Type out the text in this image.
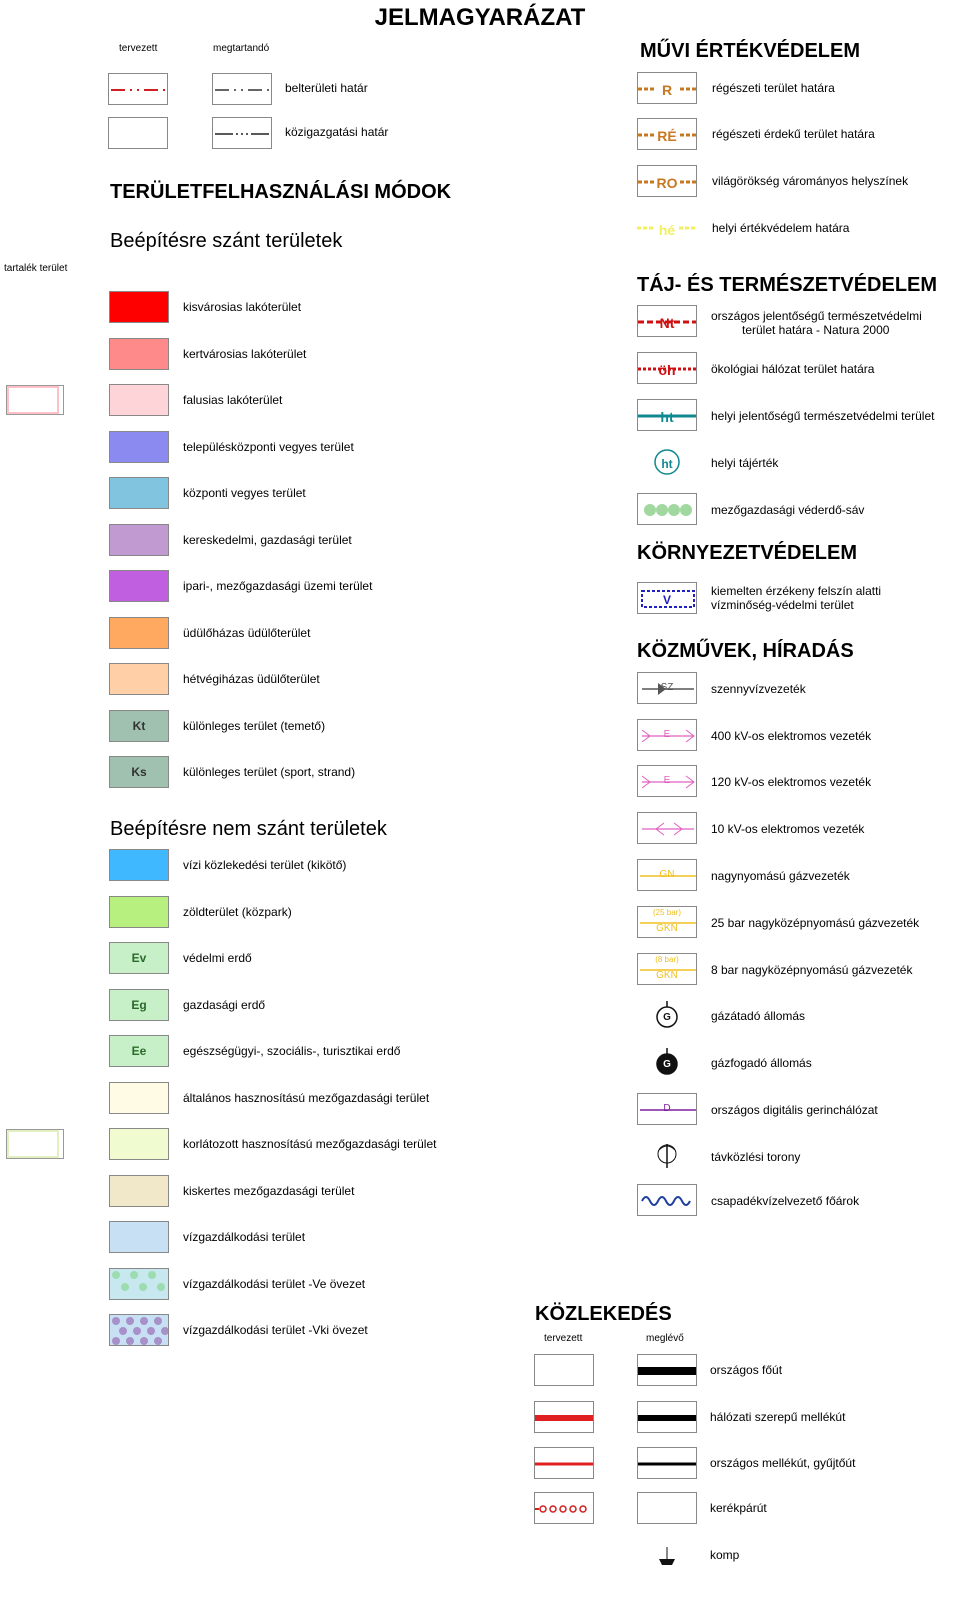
JELMAGYARÁZAT
tervezett	megtartandó
belterületi határ
közigazgatási határ
TERÜLETFELHASZNÁLÁSI MÓDOK
Beépítésre szánt területek
tartalék terület
kisvárosias lakóterület
kertvárosias lakóterület
falusias lakóterület
településközponti vegyes terület
központi vegyes terület
kereskedelmi, gazdasági terület
ipari-, mezőgazdasági üzemi terület
üdülőházas üdülőterület
hétvégiházas üdülőterület
Kt	különleges terület (temető)
Ks	különleges terület (sport, strand)
Beépítésre nem szánt területek
vízi közlekedési terület (kikötő)
zöldterület (közpark)
Ev	védelmi erdő
Eg	gazdasági erdő
Ee	egészségügyi-, szociális-, turisztikai erdő
általános hasznosítású mezőgazdasági terület
korlátozott hasznosítású mezőgazdasági terület
kiskertes mezőgazdasági terület
vízgazdálkodási terület
vízgazdálkodási terület -Ve övezet
vízgazdálkodási terület -Vki övezet
MŰVI ÉRTÉKVÉDELEM
R	régészeti terület határa
RÉ	régészeti érdekű terület határa
RO	világörökség várományos helyszínek
hé	helyi értékvédelem határa
TÁJ- ÉS TERMÉSZETVÉDELEM
Nt	országos jelentőségű természetvédelmi
terület határa - Natura 2000
öh	ökológiai hálózat terület határa
ht	helyi jelentőségű természetvédelmi terület
ht	helyi tájérték
mezőgazdasági véderdő-sáv
KÖRNYEZETVÉDELEM
V
kiemelten érzékeny felszín alatti
vízminőség-védelmi terület
KÖZMŰVEK, HÍRADÁS
SZ	szennyvízvezeték
E	400 kV-os elektromos vezeték
E	120 kV-os elektromos vezeték
10 kV-os elektromos vezeték
GN	nagynyomású gázvezeték
GKN
(25 bar)
25 bar nagyközépnyomású gázvezeték
GKN
(8 bar)
8 bar nagyközépnyomású gázvezeték
G	gázátadó állomás
G	gázfogadó állomás
D	országos digitális gerinchálózat
távközlési torony
csapadékvízelvezető főárok
KÖZLEKEDÉS
tervezett	meglévő
országos főút
hálózati szerepű mellékút
országos mellékút, gyűjtőút
kerékpárút
komp
